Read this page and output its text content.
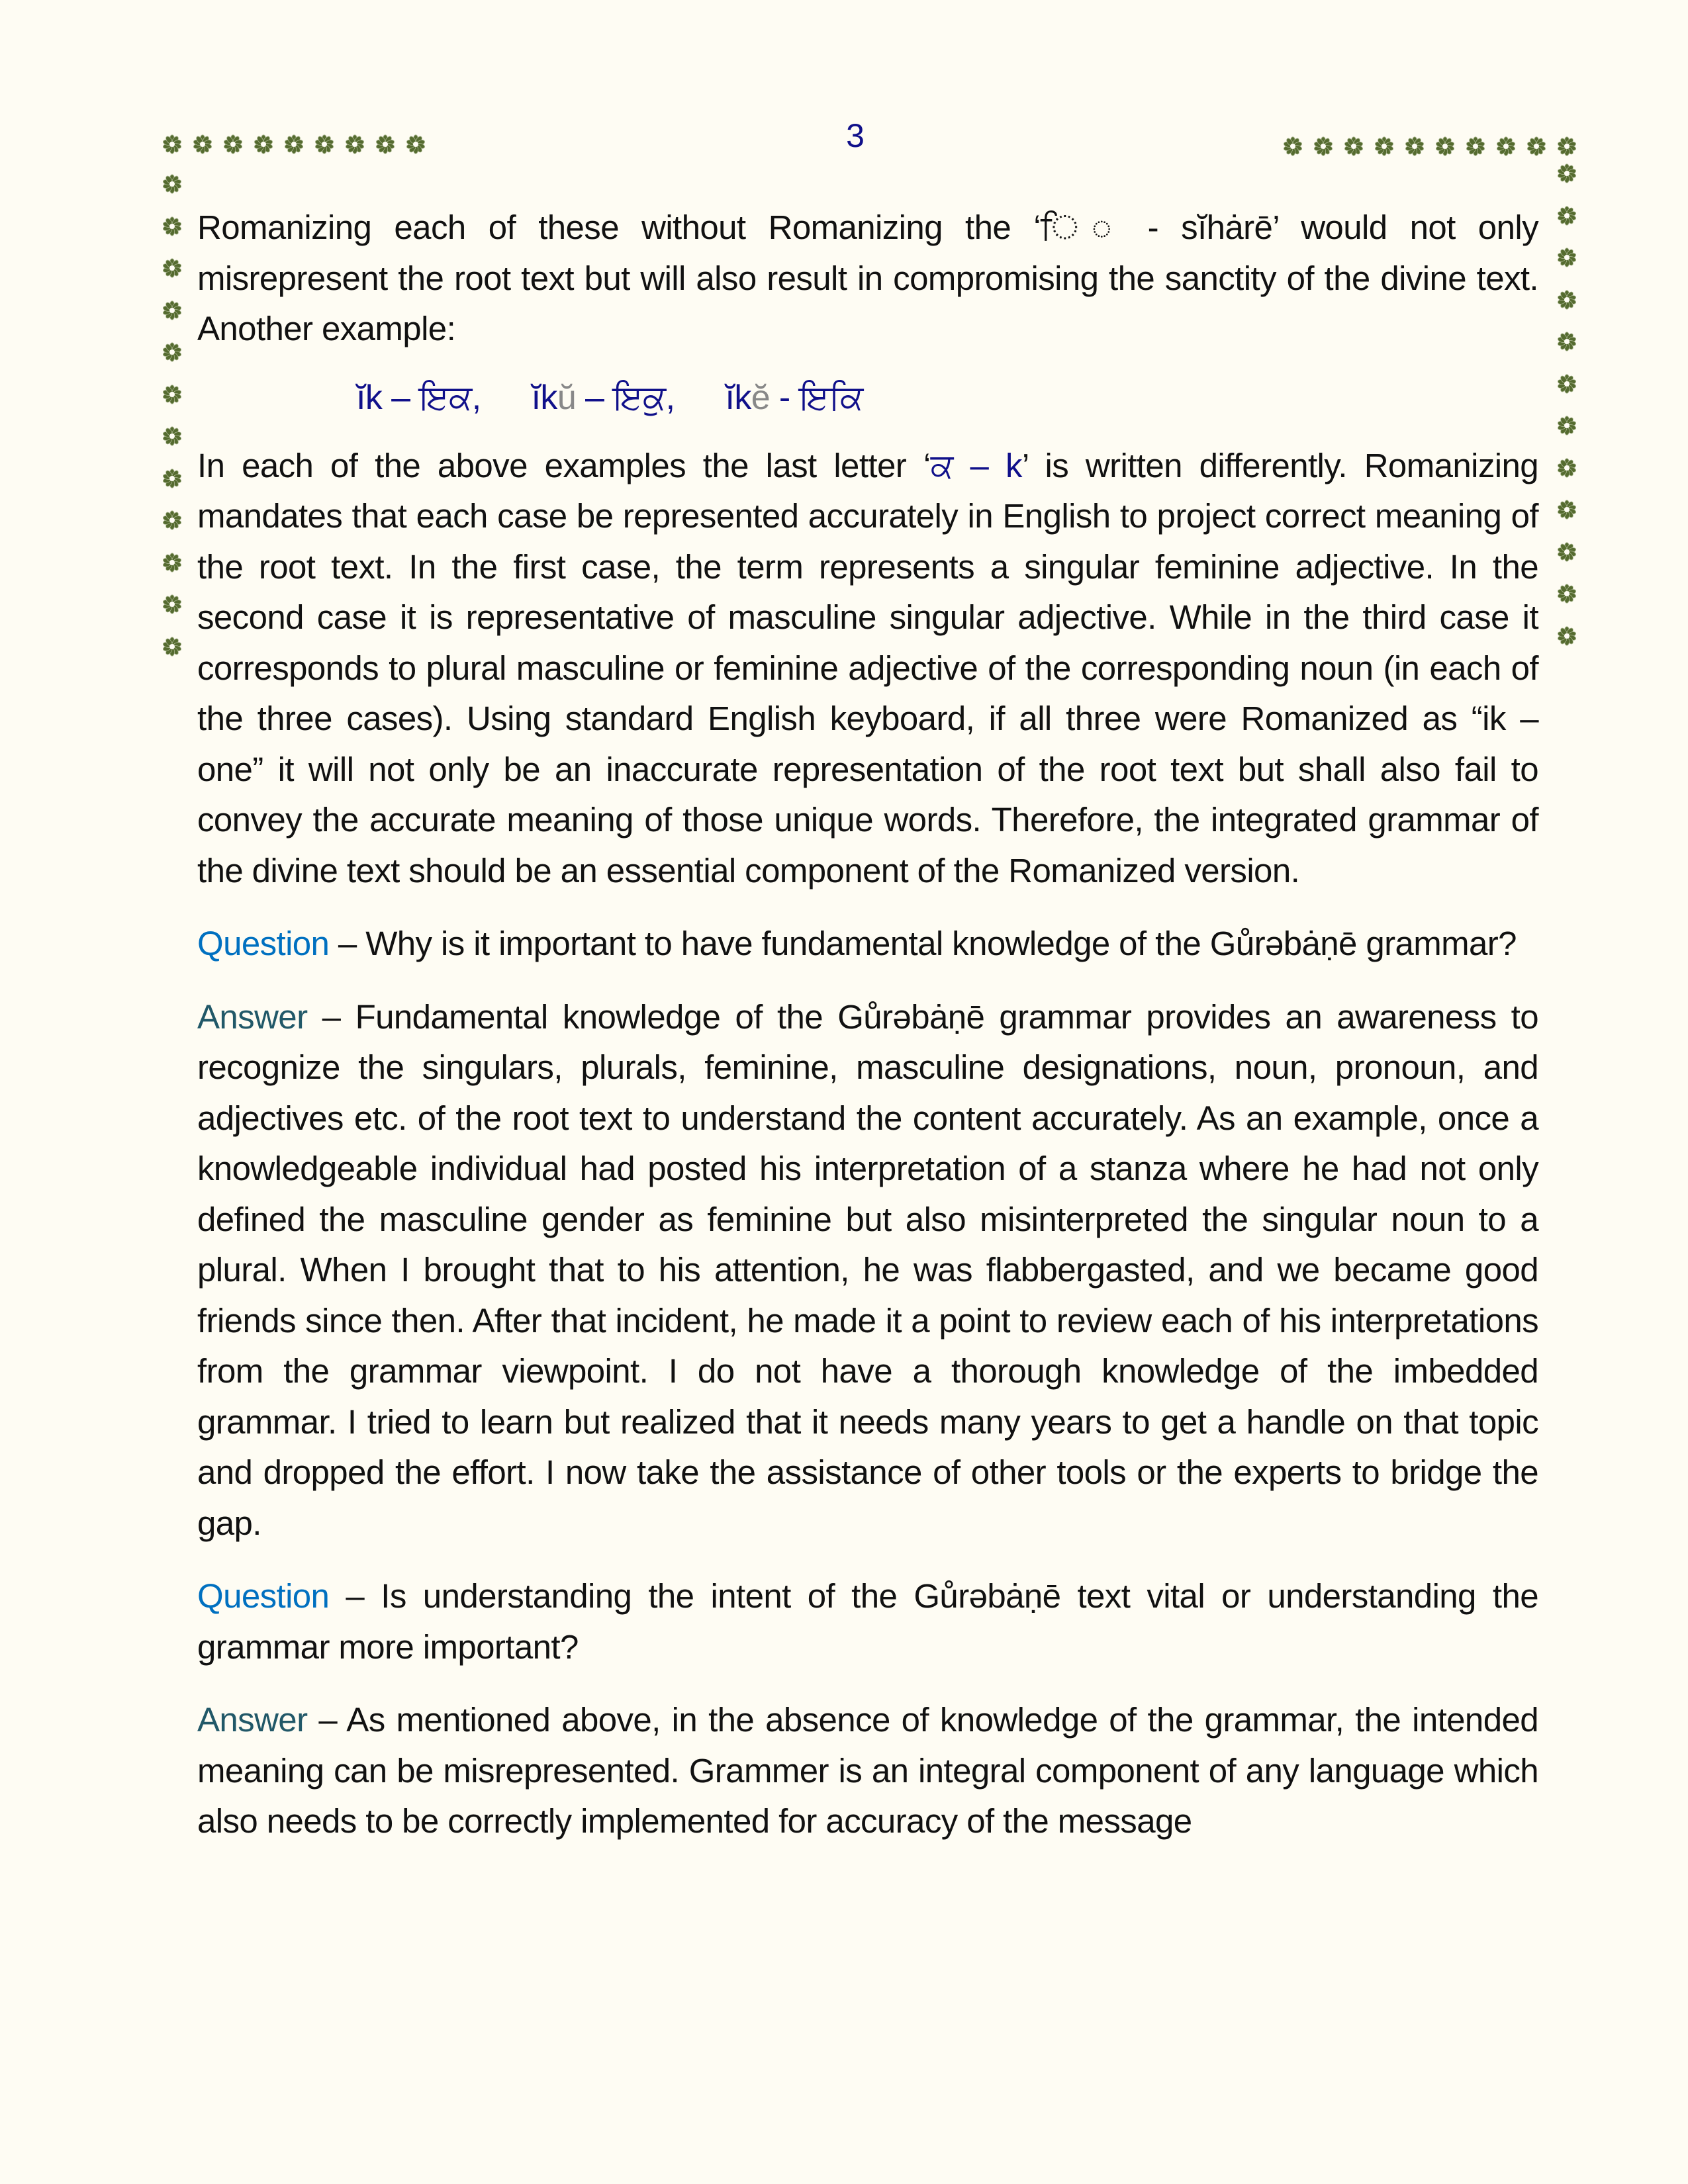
3

Romanizing each of these without Romanizing the ‘ਿ◌ - sĭhȧrē’ would not only misrepresent the root text but will also result in compromising the sanctity of the divine text. Another example:

ĭk – ਇਕ, ĭkŭ – ਇਕੁ, ĭkĕ - ਇਕਿ

In each of the above examples the last letter ‘ਕ – k’ is written differently. Romanizing mandates that each case be represented accurately in English to project correct meaning of the root text. In the first case, the term represents a singular feminine adjective. In the second case it is representative of masculine singular adjective. While in the third case it corresponds to plural masculine or feminine adjective of the corresponding noun (in each of the three cases). Using standard English keyboard, if all three were Romanized as “ik – one” it will not only be an inaccurate representation of the root text but shall also fail to convey the accurate meaning of those unique words. Therefore, the integrated grammar of the divine text should be an essential component of the Romanized version.

Question – Why is it important to have fundamental knowledge of the Gůrəbȧṇē grammar?

Answer – Fundamental knowledge of the Gůrəbȧṇē grammar provides an awareness to recognize the singulars, plurals, feminine, masculine designations, noun, pronoun, and adjectives etc. of the root text to understand the content accurately. As an example, once a knowledgeable individual had posted his interpretation of a stanza where he had not only defined the masculine gender as feminine but also misinterpreted the singular noun to a plural. When I brought that to his attention, he was flabbergasted, and we became good friends since then. After that incident, he made it a point to review each of his interpretations from the grammar viewpoint. I do not have a thorough knowledge of the imbedded grammar. I tried to learn but realized that it needs many years to get a handle on that topic and dropped the effort. I now take the assistance of other tools or the experts to bridge the gap.

Question – Is understanding the intent of the Gůrəbȧṇē text vital or understanding the grammar more important?

Answer – As mentioned above, in the absence of knowledge of the grammar, the intended meaning can be misrepresented. Grammer is an integral component of any language which also needs to be correctly implemented for accuracy of the message
